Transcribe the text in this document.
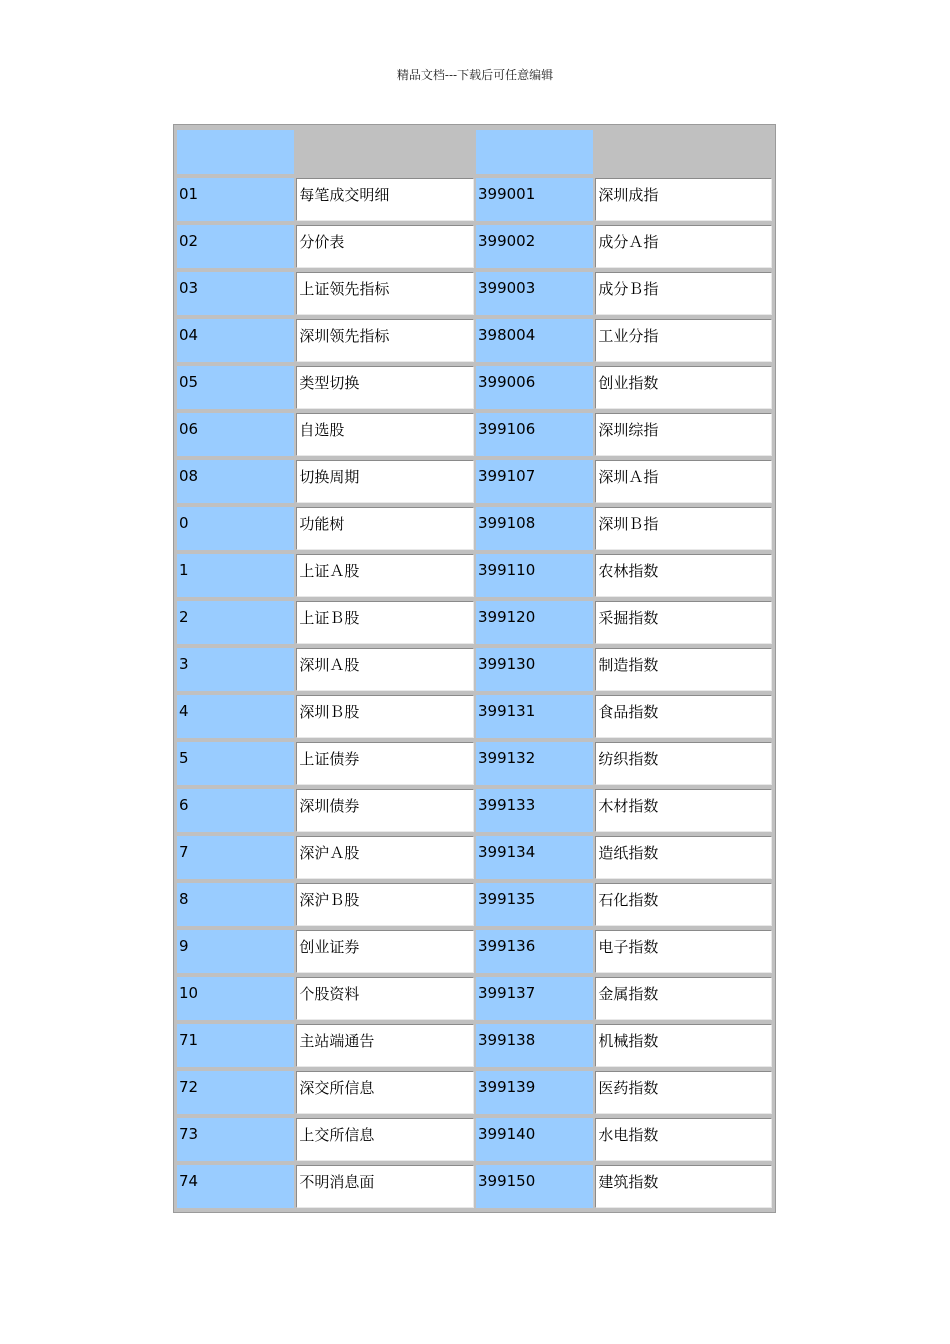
精品文档---下载后可任意编辑

01	每笔成交明细	399001	深圳成指
02	分价表	399002	成分Ａ指
03	上证领先指标	399003	成分Ｂ指
04	深圳领先指标	398004	工业分指
05	类型切换	399006	创业指数
06	自选股	399106	深圳综指
08	切换周期	399107	深圳Ａ指
0	功能树	399108	深圳Ｂ指
1	上证Ａ股	399110	农林指数
2	上证Ｂ股	399120	采掘指数
3	深圳Ａ股	399130	制造指数
4	深圳Ｂ股	399131	食品指数
5	上证债券	399132	纺织指数
6	深圳债券	399133	木材指数
7	深沪Ａ股	399134	造纸指数
8	深沪Ｂ股	399135	石化指数
9	创业证券	399136	电子指数
10	个股资料	399137	金属指数
71	主站端通告	399138	机械指数
72	深交所信息	399139	医药指数
73	上交所信息	399140	水电指数
74	不明消息面	399150	建筑指数
